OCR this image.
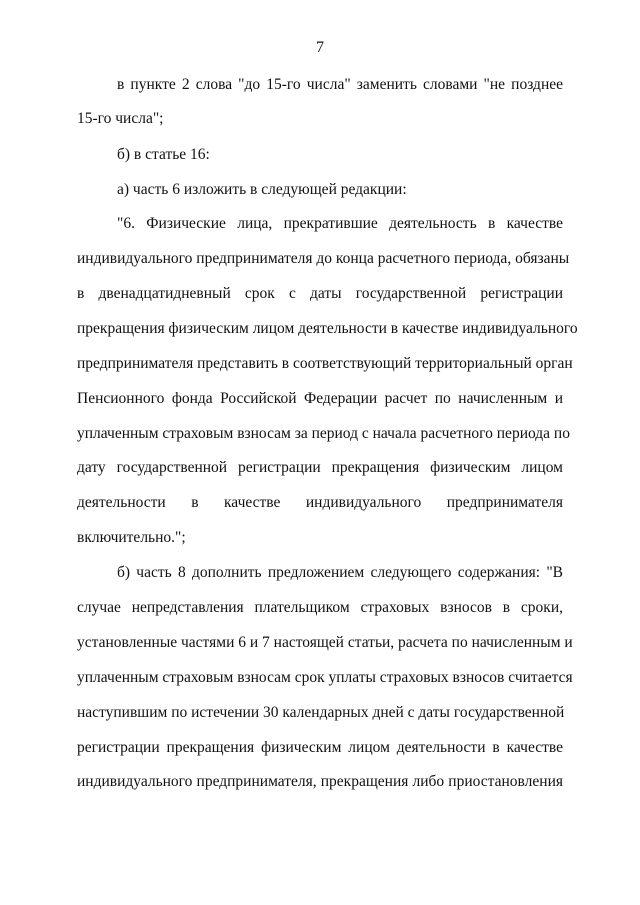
7
в пункте 2 слова "до 15-го числа" заменить словами "не позднее
15-го числа";
б) в статье 16:
а) часть 6 изложить в следующей редакции:
"6. Физические лица, прекратившие деятельность в качестве
индивидуального предпринимателя до конца расчетного периода, обязаны
в двенадцатидневный срок с даты государственной регистрации
прекращения физическим лицом деятельности в качестве индивидуального
предпринимателя представить в соответствующий территориальный орган
Пенсионного фонда Российской Федерации расчет по начисленным и
уплаченным страховым взносам за период с начала расчетного периода по
дату государственной регистрации прекращения физическим лицом
деятельности в качестве индивидуального предпринимателя
включительно.";
б) часть 8 дополнить предложением следующего содержания: "В
случае непредставления плательщиком страховых взносов в сроки,
установленные частями 6 и 7 настоящей статьи, расчета по начисленным и
уплаченным страховым взносам срок уплаты страховых взносов считается
наступившим по истечении 30 календарных дней с даты государственной
регистрации прекращения физическим лицом деятельности в качестве
индивидуального предпринимателя, прекращения либо приостановления
